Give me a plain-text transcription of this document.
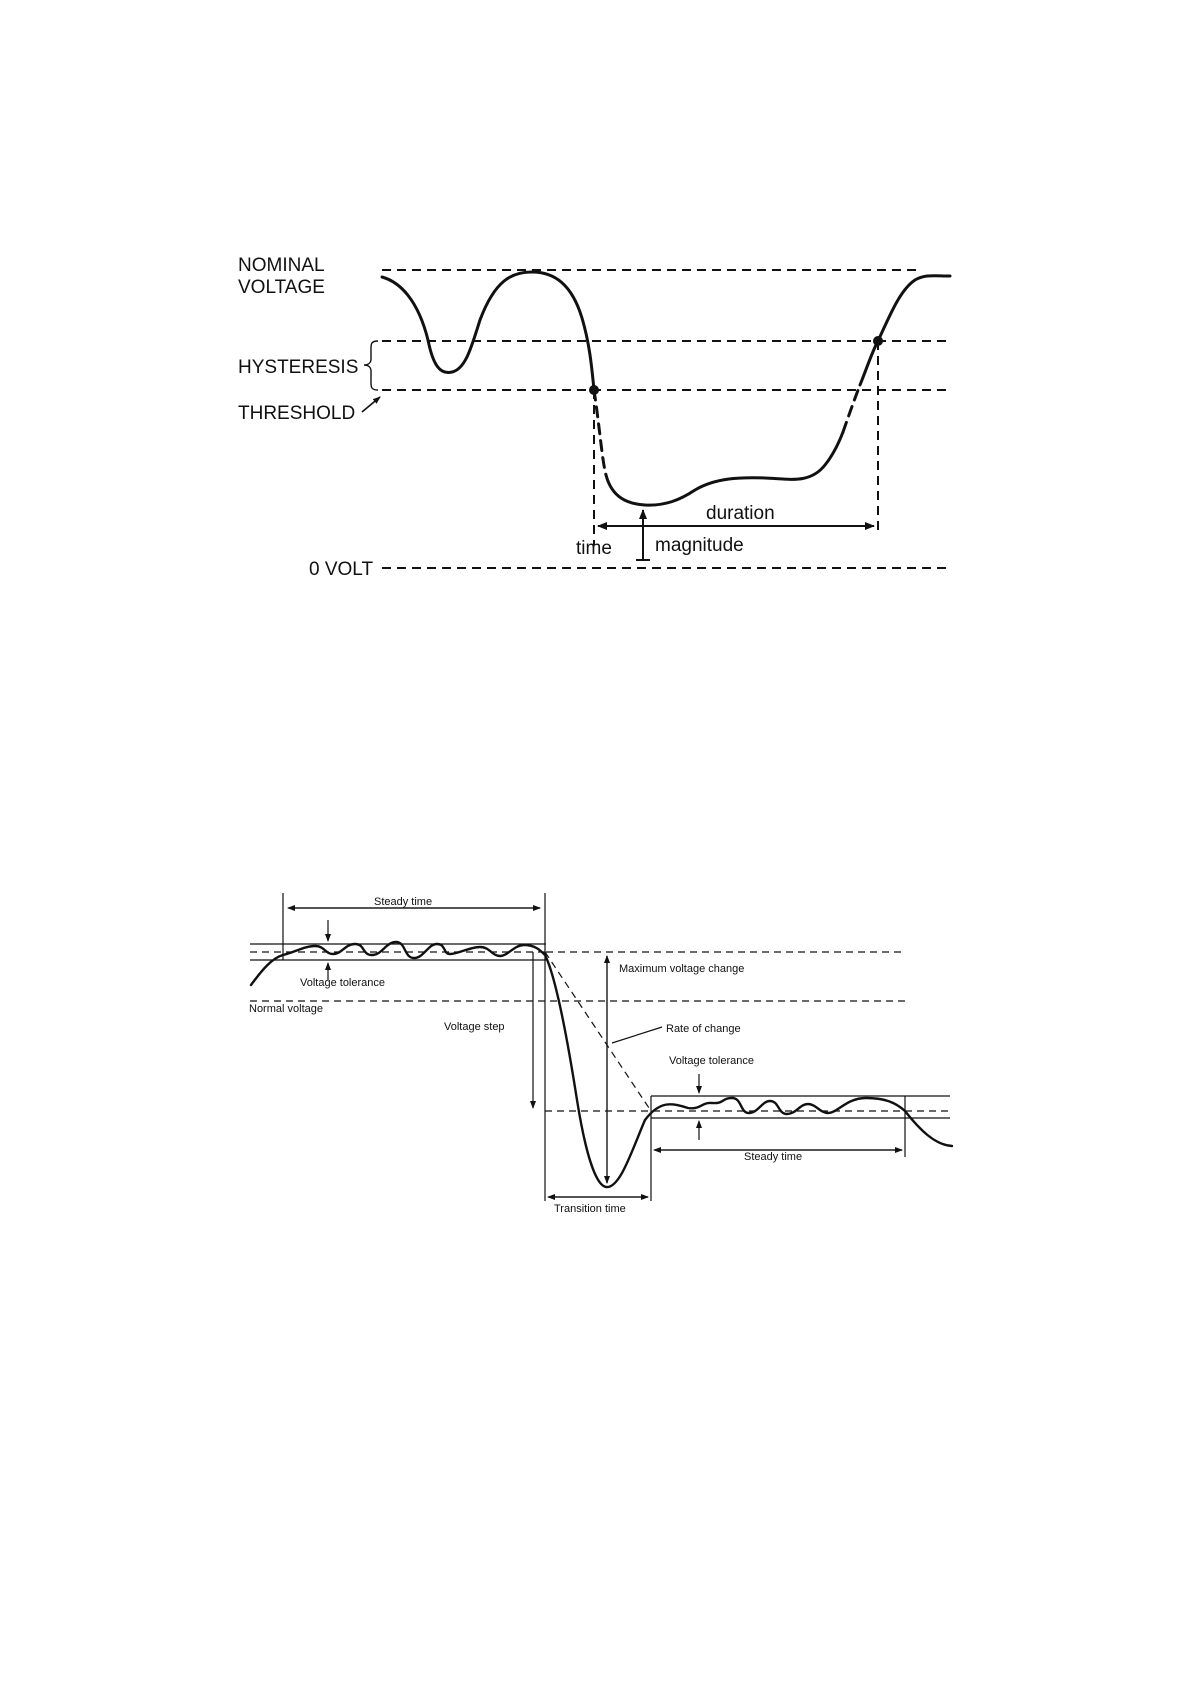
NOMINAL
VOLTAGE
HYSTERESIS
THRESHOLD
0 VOLT
duration
time magnitude
Steady time
Voltage tolerance
Normal voltage
Maximum voltage change
Voltage step	Rate of change
Voltage tolerance
Steady time
Transition time
